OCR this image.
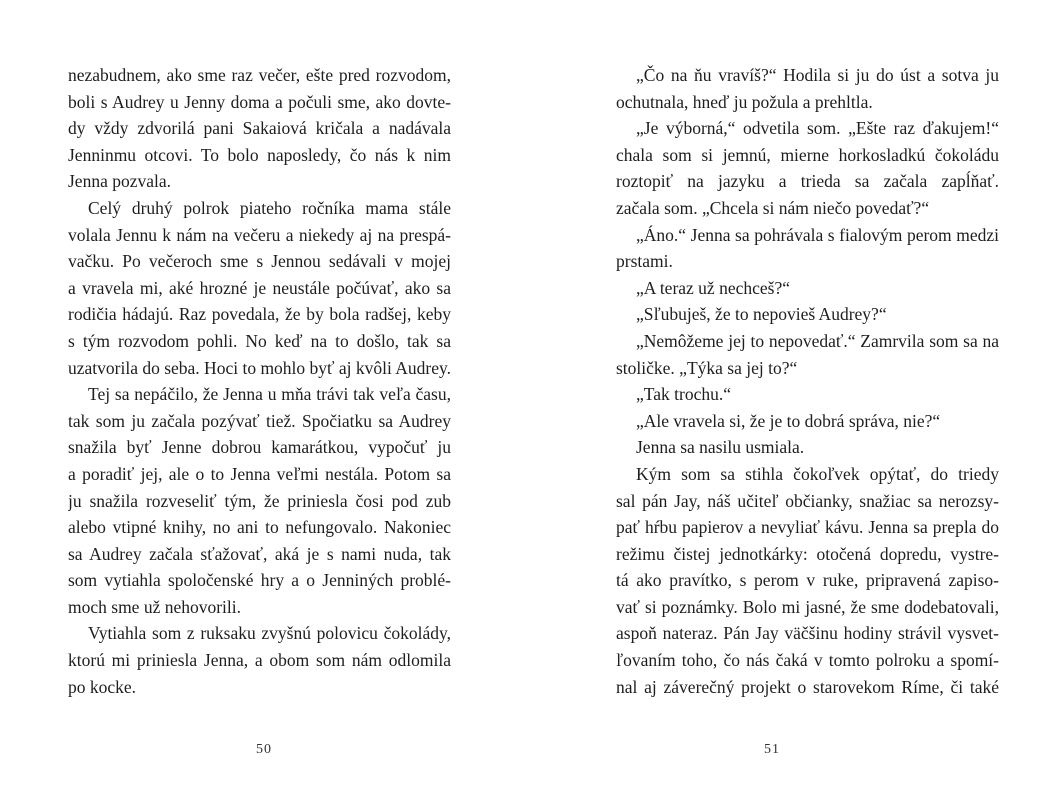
nezabudnem, ako sme raz večer, ešte pred rozvodom,
boli s Audrey u Jenny doma a počuli sme, ako dovte-
dy vždy zdvorilá pani Sakaiová kričala a nadávala
Jenninmu otcovi. To bolo naposledy, čo nás k nim
Jenna pozvala.
Celý druhý polrok piateho ročníka mama stále
volala Jennu k nám na večeru a niekedy aj na prespá-
vačku. Po večeroch sme s Jennou sedávali v mojej
a vravela mi, aké hrozné je neustále počúvať, ako sa
rodičia hádajú. Raz povedala, že by bola radšej, keby
s tým rozvodom pohli. No keď na to došlo, tak sa
uzatvorila do seba. Hoci to mohlo byť aj kvôli Audrey.
Tej sa nepáčilo, že Jenna u mňa trávi tak veľa času,
tak som ju začala pozývať tiež. Spočiatku sa Audrey
snažila byť Jenne dobrou kamarátkou, vypočuť ju
a poradiť jej, ale o to Jenna veľmi nestála. Potom sa
ju snažila rozveseliť tým, že priniesla čosi pod zub
alebo vtipné knihy, no ani to nefungovalo. Nakoniec
sa Audrey začala sťažovať, aká je s nami nuda, tak
som vytiahla spoločenské hry a o Jenniných problé-
moch sme už nehovorili.
Vytiahla som z ruksaku zvyšnú polovicu čokolády,
ktorú mi priniesla Jenna, a obom som nám odlomila
po kocke.
50
„Čo na ňu vravíš?“ Hodila si ju do úst a sotva ju
ochutnala, hneď ju požula a prehltla.
„Je výborná,“ odvetila som. „Ešte raz ďakujem!“
chala som si jemnú, mierne horkosladkú čokoládu
roztopiť na jazyku a trieda sa začala zapĺňať.
začala som. „Chcela si nám niečo povedať?“
„Áno.“ Jenna sa pohrávala s fialovým perom medzi
prstami.
„A teraz už nechceš?“
„Sľubuješ, že to nepovieš Audrey?“
„Nemôžeme jej to nepovedať.“ Zamrvila som sa na
stoličke. „Týka sa jej to?“
„Tak trochu.“
„Ale vravela si, že je to dobrá správa, nie?“
Jenna sa nasilu usmiala.
Kým som sa stihla čokoľvek opýtať, do triedy
sal pán Jay, náš učiteľ občianky, snažiac sa nerozsy-
pať hŕbu papierov a nevyliať kávu. Jenna sa preplа do
režimu čistej jednotkárky: otočená dopredu, vystre-
tá ako pravítko, s perom v ruke, pripravená zapiso-
vať si poznámky. Bolo mi jasné, že sme dodebatovali,
aspoň nateraz. Pán Jay väčšinu hodiny strávil vysvet-
ľovaním toho, čo nás čaká v tomto polroku a spomí-
nal aj záverečný projekt o starovekom Ríme, či také
51
